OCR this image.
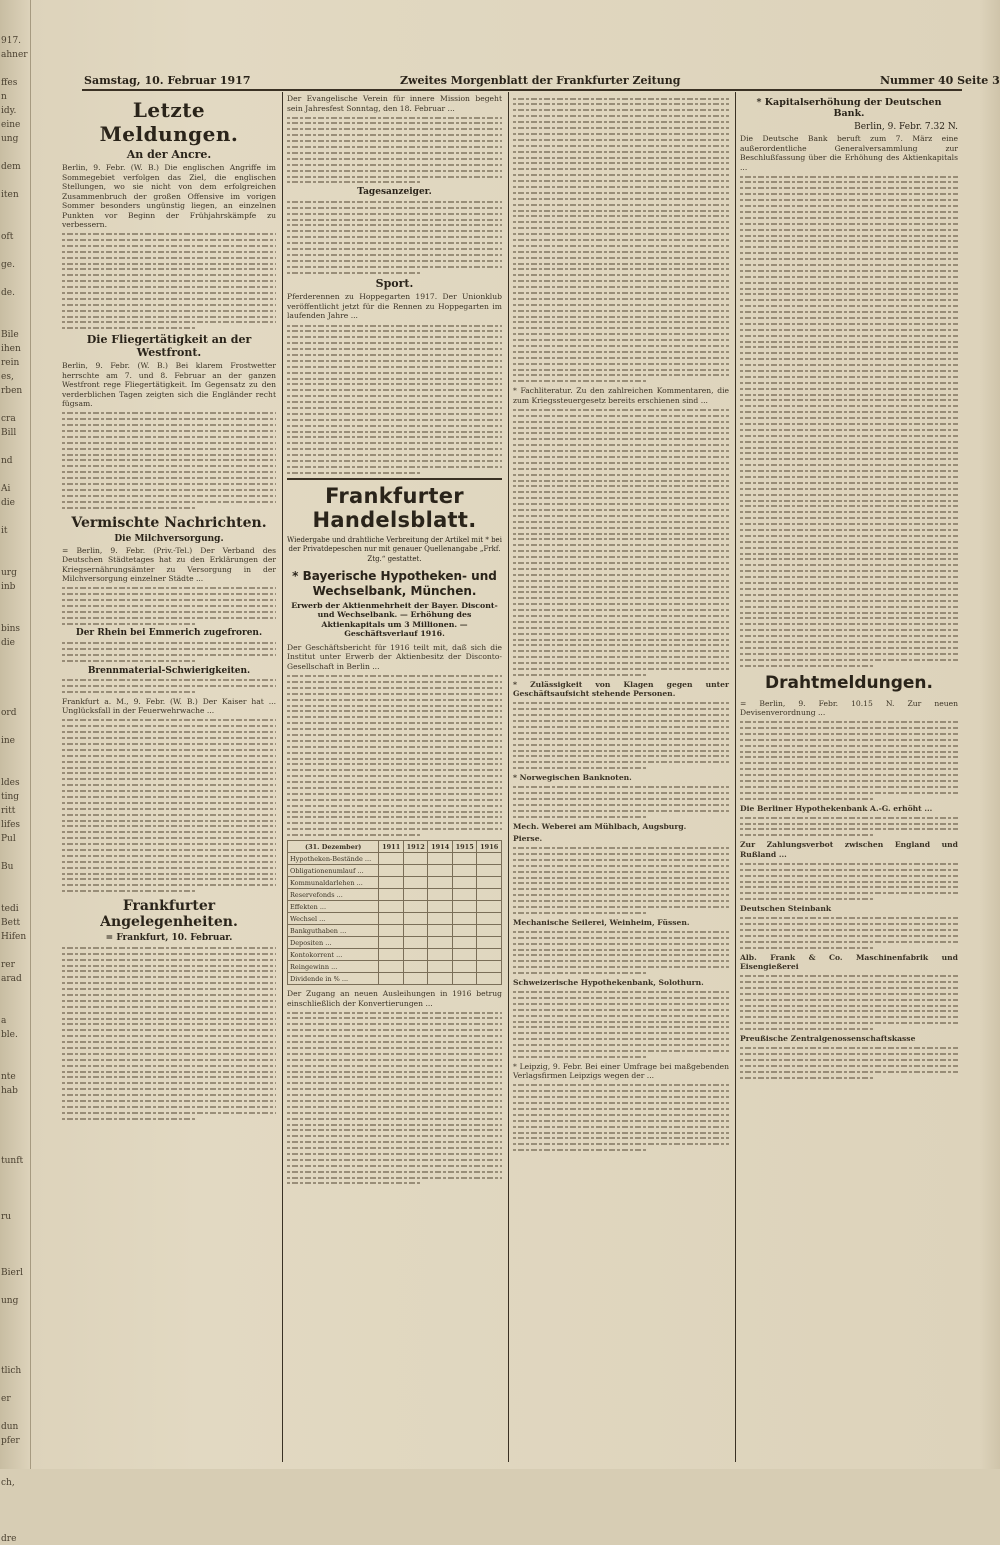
917.
ahner
ffes
n
idy.
eine
ung
dem
iten
oft
ge.
de.
Bile
ihen
rein
es,
rben
cra
Bill
nd
Ai
die
it
urg
inb
bins
die
ord
ine
ldes
ting
ritt
lifes
Pul
Bu
tedi
Bett
Hifen
rer
arad
a
ble.
nte
hab
tunft
ru
Bierl
ung
tlich
er
dun
pfer
ch,
dre
Samstag, 10. Februar 1917	Zweites Morgenblatt der Frankfurter Zeitung	Nummer 40 Seite 3
Letzte Meldungen.
An der Ancre.

Berlin, 9. Febr. (W. B.) Die englischen Angriffe im Sommegebiet verfolgen das Ziel, die englischen Stellungen, wo sie nicht von dem erfolgreichen Zusammenbruch der großen Offensive im vorigen Sommer besonders ungünstig liegen, an einzelnen Punkten vor Beginn der Frühjahrskämpfe zu verbessern.

Die Fliegertätigkeit an der Westfront.

Berlin, 9. Febr. (W. B.) Bei klarem Frostwetter herrschte am 7. und 8. Februar an der ganzen Westfront rege Fliegertätigkeit. Im Gegensatz zu den verderblichen Tagen zeigten sich die Engländer recht fügsam.

Vermischte Nachrichten.
Die Milchversorgung.

= Berlin, 9. Febr. (Priv.-Tel.) Der Verband des Deutschen Städtetages hat zu den Erklärungen der Kriegsernährungsämter zu Versorgung in der Milchversorgung einzelner Städte ...

Der Rhein bei Emmerich zugefroren.
Brennmaterial-Schwierigkeiten.

Frankfurt a. M., 9. Febr. (W. B.) Der Kaiser hat ... Unglücksfall in der Feuerwehrwache ...

Frankfurter Angelegenheiten.
= Frankfurt, 10. Februar.

Der Evangelische Verein für innere Mission begeht sein Jahresfest Sonntag, den 18. Februar ...

Tagesanzeiger.
Sport.

Pferderennen zu Hoppegarten 1917. Der Unionklub veröffentlicht jetzt für die Rennen zu Hoppegarten im laufenden Jahre ...

Frankfurter Handelsblatt.

Wiedergabe und drahtliche Verbreitung der Artikel mit * bei der Privatdepeschen nur mit genauer Quellenangabe „Frkf. Ztg.“ gestattet.

* Bayerische Hypotheken- und Wechselbank, München.

Erwerb der Aktienmehrheit der Bayer. Discont- und Wechselbank. — Erhöhung des Aktienkapitals um 3 Millionen. — Geschäftsverlauf 1916.

Der Geschäftsbericht für 1916 teilt mit, daß sich die Institut unter Erwerb der Aktienbesitz der Disconto-Gesellschaft in Berlin ...

(31. Dezember)	1911	1912	1914	1915	1916
Hypotheken-Bestände ...					
Obligationenumlauf ...					
Kommunaldarlehen ...					
Reservefonds ...					
Effekten ...					
Wechsel ...					
Bankguthaben ...					
Depositen ...					
Kontokorrent ...					
Reingewinn ...					
Dividende in % ...					

Der Zugang an neuen Ausleihungen in 1916 betrug einschließlich der Konvertierungen ...

* Fachliteratur. Zu den zahlreichen Kommentaren, die zum Kriegssteuergesetz bereits erschienen sind ...

* Zulässigkeit von Klagen gegen unter Geschäftsaufsicht stehende Personen.

* Norwegischen Banknoten.

Mech. Weberei am Mühlbach, Augsburg.

Pierse.

Mechanische Seilerei, Weinheim, Füssen.

Schweizerische Hypothekenbank, Solothurn.

* Leipzig, 9. Febr. Bei einer Umfrage bei maßgebenden Verlagsfirmen Leipzigs wegen der ...

* Kapitalserhöhung der Deutschen Bank.
Berlin, 9. Febr. 7.32 N.

Die Deutsche Bank beruft zum 7. März eine außerordentliche Generalversammlung zur Beschlußfassung über die Erhöhung des Aktienkapitals ...

Drahtmeldungen.

= Berlin, 9. Febr. 10.15 N. Zur neuen Devisenverordnung ...

Die Berliner Hypothekenbank A.-G. erhöht ...

Zur Zahlungsverbot zwischen England und Rußland ...

Deutschen Steinbank

Alb. Frank & Co. Maschinenfabrik und Eisengießerei

Preußische Zentralgenossenschaftskasse
